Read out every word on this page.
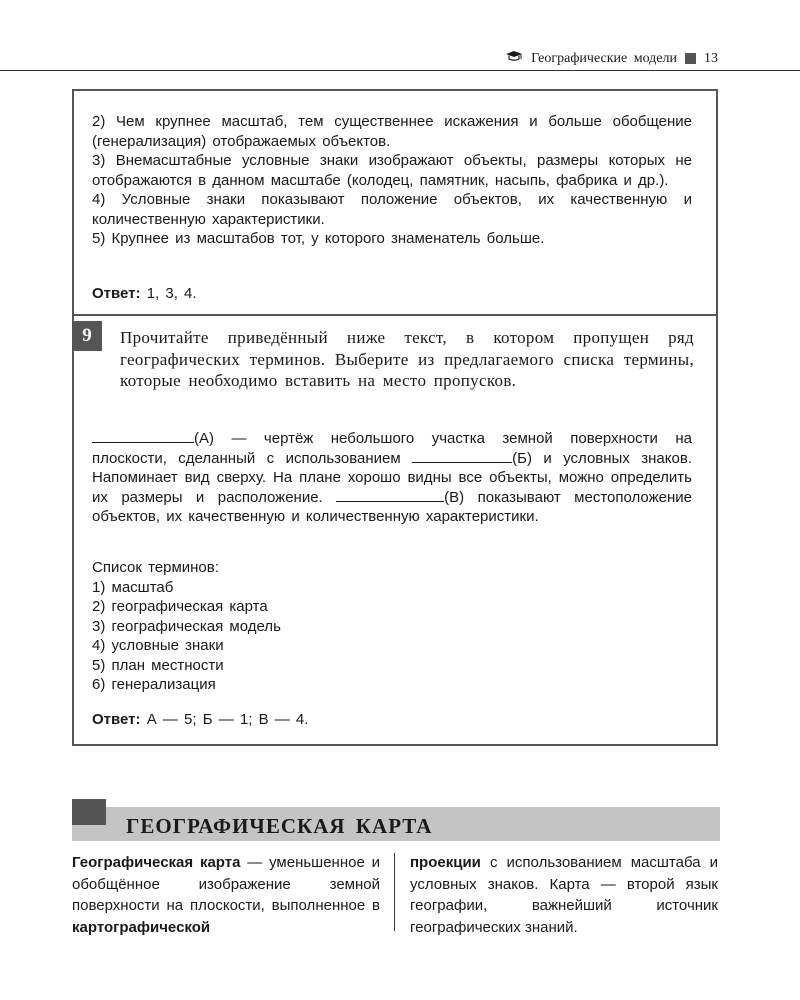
Географические модели 13

2) Чем крупнее масштаб, тем существеннее искажения и больше обобщение (генерализация) отображаемых объектов.

3) Внемасштабные условные знаки изображают объекты, размеры которых не отображаются в данном масштабе (колодец, памятник, насыпь, фабрика и др.).

4) Условные знаки показывают положение объектов, их качественную и количественную характеристики.

5) Крупнее из масштабов тот, у которого знаменатель больше.

Ответ: 1, 3, 4.
9	Прочитайте приведённый ниже текст, в котором пропущен ряд географических терминов. Выберите из предлагаемого списка термины, которые необходимо вставить на место пропусков.

(А) — чертёж небольшого участка земной поверхности на плоскости, сделанный с использованием	(Б) и условных знаков. Напоминает вид сверху. На плане хорошо видны все объекты, можно определить их размеры и расположение.	(В) показывают местоположение объектов, их качественную и количественную характеристики.

Список терминов:

1) масштаб
2) географическая карта
3) географическая модель
4) условные знаки
5) план местности
6) генерализация
Ответ: А — 5; Б — 1; В — 4.
ГЕОГРАФИЧЕСКАЯ КАРТА
Географическая карта — уменьшенное и обобщённое изображение земной поверхности на плоскости, выполненное в картографической
проекции с использованием масштаба и условных знаков. Карта — второй язык географии, важнейший источник географических знаний.
